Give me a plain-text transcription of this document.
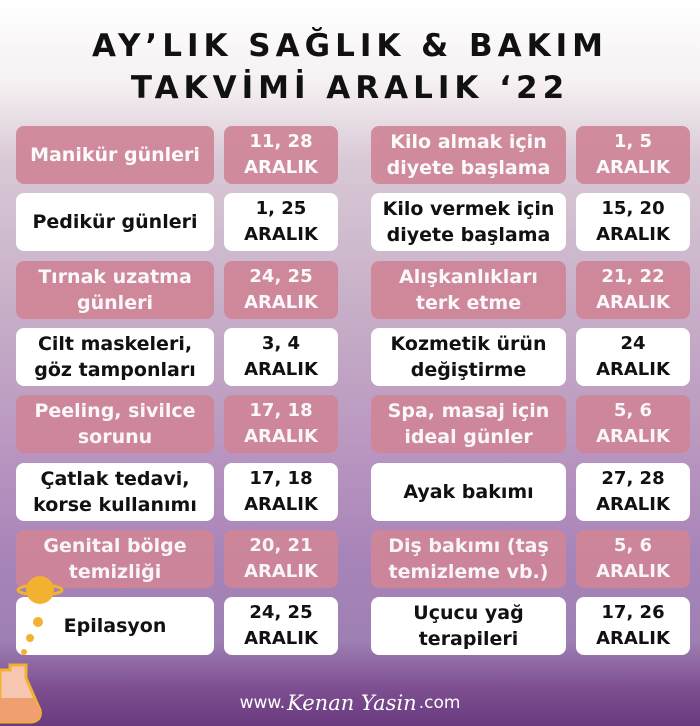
AY’LIK SAĞLIK & BAKIM
TAKVİMİ ARALIK ‘22
Manikür günleri
11, 28
ARALIK
Kilo almak için diyete başlama
1, 5
ARALIK
Pedikür günleri
1, 25
ARALIK
Kilo vermek için diyete başlama
15, 20
ARALIK
Tırnak uzatma günleri
24, 25
ARALIK
Alışkanlıkları terk etme
21, 22
ARALIK
Cilt maskeleri, göz tamponları
3, 4
ARALIK
Kozmetik ürün değiştirme
24
ARALIK
Peeling, sivilce sorunu
17, 18
ARALIK
Spa, masaj için ideal günler
5, 6
ARALIK
Çatlak tedavi, korse kullanımı
17, 18
ARALIK
Ayak bakımı
27, 28
ARALIK
Genital bölge temizliği
20, 21
ARALIK
Diş bakımı (taş temizleme vb.)
5, 6
ARALIK
Epilasyon
24, 25
ARALIK
Uçucu yağ terapileri
17, 26
ARALIK
www. Kenan Yasin .com
